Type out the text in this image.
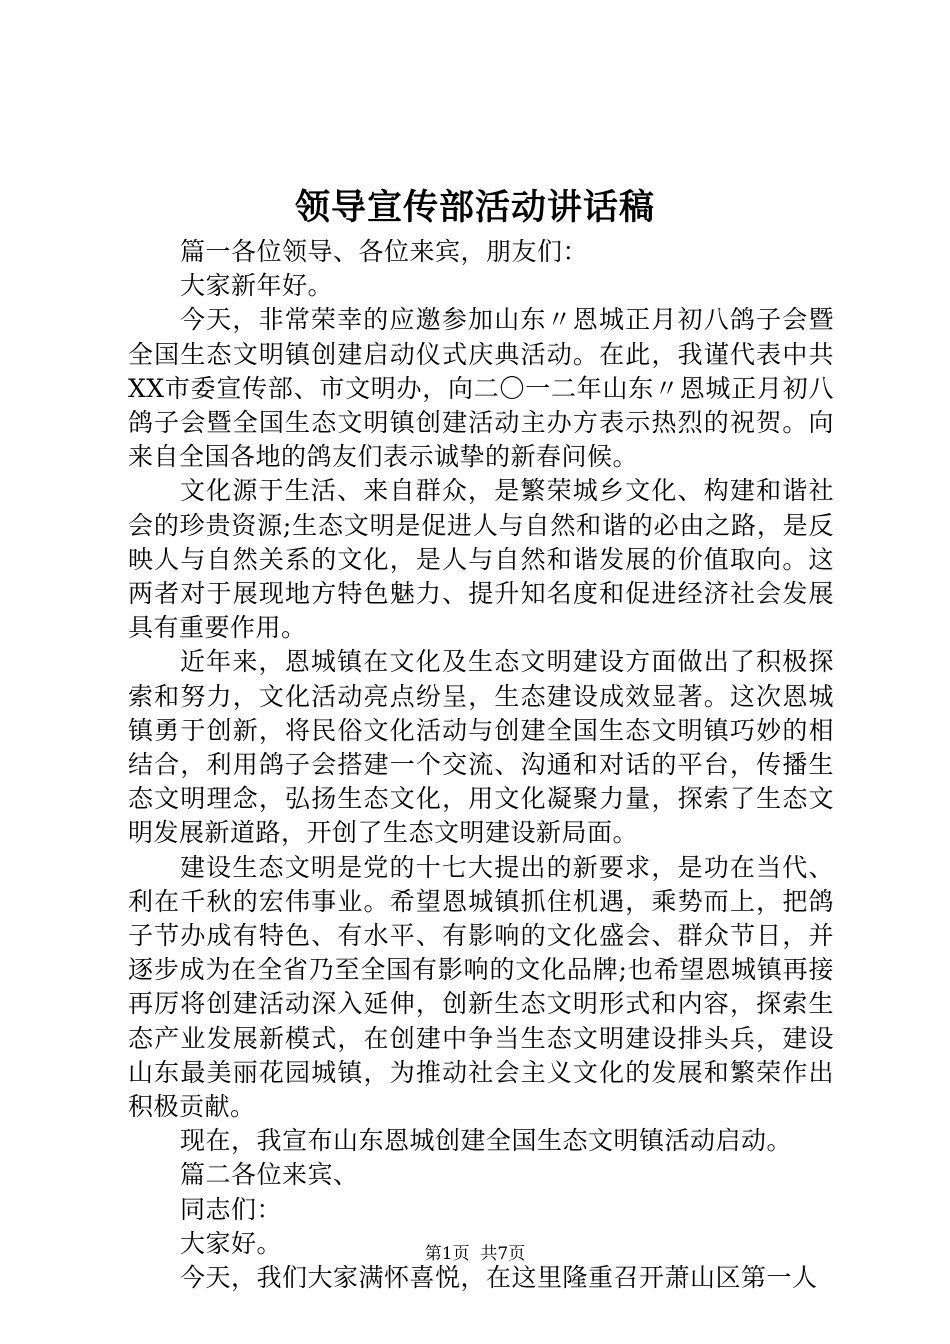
领导宣传部活动讲话稿

篇一各位领导、各位来宾，朋友们：

大家新年好。

今天，非常荣幸的应邀参加山东〃恩城正月初八鸽子会暨全国生态文明镇创建启动仪式庆典活动。在此，我谨代表中共XX市委宣传部、市文明办，向二〇一二年山东〃恩城正月初八鸽子会暨全国生态文明镇创建活动主办方表示热烈的祝贺。向来自全国各地的鸽友们表示诚挚的新春问候。

文化源于生活、来自群众，是繁荣城乡文化、构建和谐社会的珍贵资源;生态文明是促进人与自然和谐的必由之路，是反映人与自然关系的文化，是人与自然和谐发展的价值取向。这两者对于展现地方特色魅力、提升知名度和促进经济社会发展具有重要作用。

近年来，恩城镇在文化及生态文明建设方面做出了积极探索和努力，文化活动亮点纷呈，生态建设成效显著。这次恩城镇勇于创新，将民俗文化活动与创建全国生态文明镇巧妙的相结合，利用鸽子会搭建一个交流、沟通和对话的平台，传播生态文明理念，弘扬生态文化，用文化凝聚力量，探索了生态文明发展新道路，开创了生态文明建设新局面。

建设生态文明是党的十七大提出的新要求，是功在当代、利在千秋的宏伟事业。希望恩城镇抓住机遇，乘势而上，把鸽子节办成有特色、有水平、有影响的文化盛会、群众节日，并逐步成为在全省乃至全国有影响的文化品牌;也希望恩城镇再接再厉将创建活动深入延伸，创新生态文明形式和内容，探索生态产业发展新模式，在创建中争当生态文明建设排头兵，建设山东最美丽花园城镇，为推动社会主义文化的发展和繁荣作出积极贡献。

现在，我宣布山东恩城创建全国生态文明镇活动启动。

篇二各位来宾、

同志们：

大家好。

今天，我们大家满怀喜悦，在这里隆重召开萧山区第一人

第1页 共7页
